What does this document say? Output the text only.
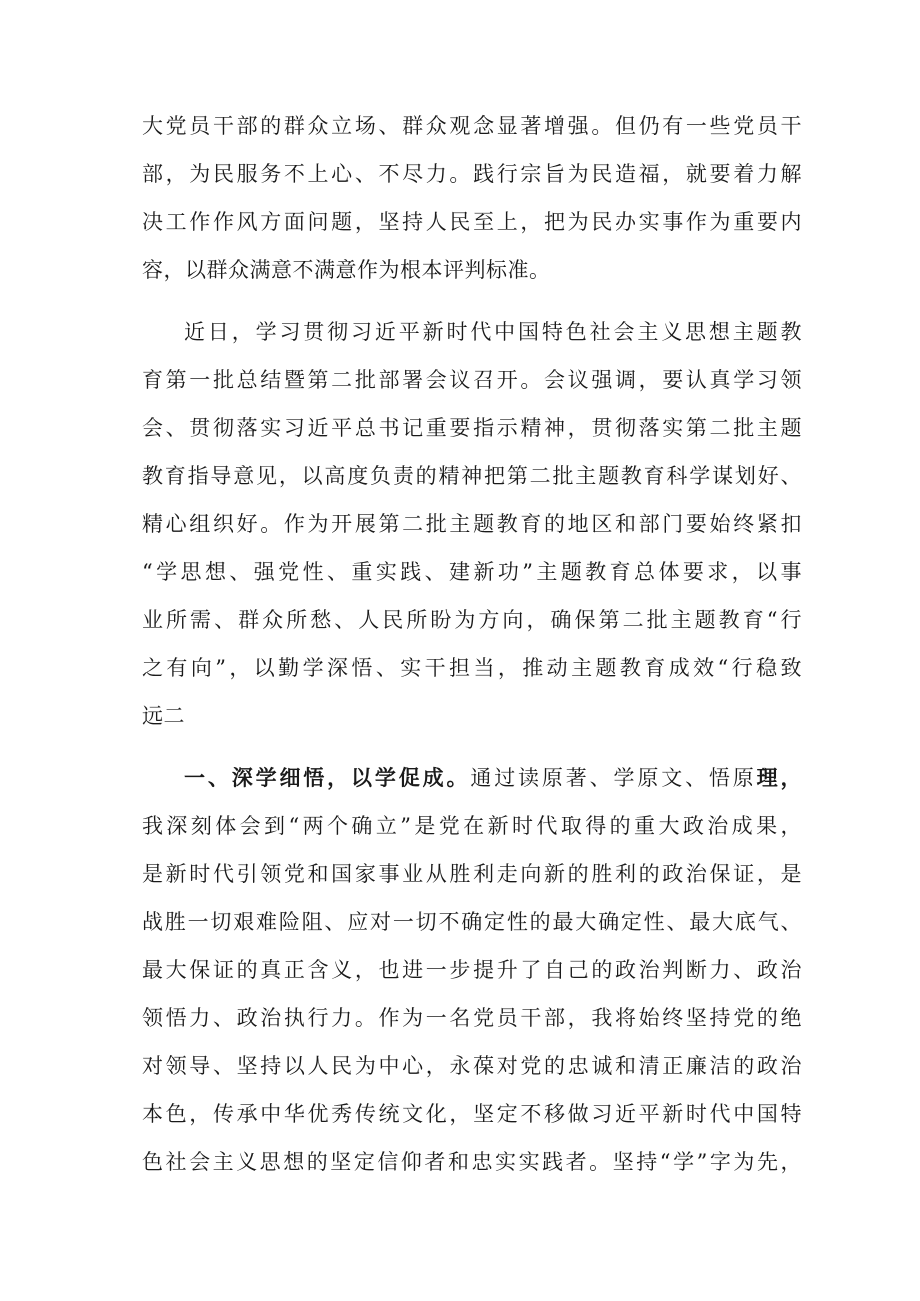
大党员干部的群众立场、群众观念显著增强。但仍有一些党员干
部，为民服务不上心、不尽力。践行宗旨为民造福，就要着力解
决工作作风方面问题，坚持人民至上，把为民办实事作为重要内
容，以群众满意不满意作为根本评判标准。
近日，学习贯彻习近平新时代中国特色社会主义思想主题教
育第一批总结暨第二批部署会议召开。会议强调，要认真学习领
会、贯彻落实习近平总书记重要指示精神，贯彻落实第二批主题
教育指导意见，以高度负责的精神把第二批主题教育科学谋划好、
精心组织好。作为开展第二批主题教育的地区和部门要始终紧扣
“学思想、强党性、重实践、建新功”主题教育总体要求，以事
业所需、群众所愁、人民所盼为方向，确保第二批主题教育“行
之有向”，以勤学深悟、实干担当，推动主题教育成效“行稳致
远二
一、深学细悟，以学促成。通过读原著、学原文、悟原理，
我深刻体会到“两个确立”是党在新时代取得的重大政治成果，
是新时代引领党和国家事业从胜利走向新的胜利的政治保证，是
战胜一切艰难险阻、应对一切不确定性的最大确定性、最大底气、
最大保证的真正含义，也进一步提升了自己的政治判断力、政治
领悟力、政治执行力。作为一名党员干部，我将始终坚持党的绝
对领导、坚持以人民为中心，永葆对党的忠诚和清正廉洁的政治
本色，传承中华优秀传统文化，坚定不移做习近平新时代中国特
色社会主义思想的坚定信仰者和忠实实践者。坚持“学”字为先，
